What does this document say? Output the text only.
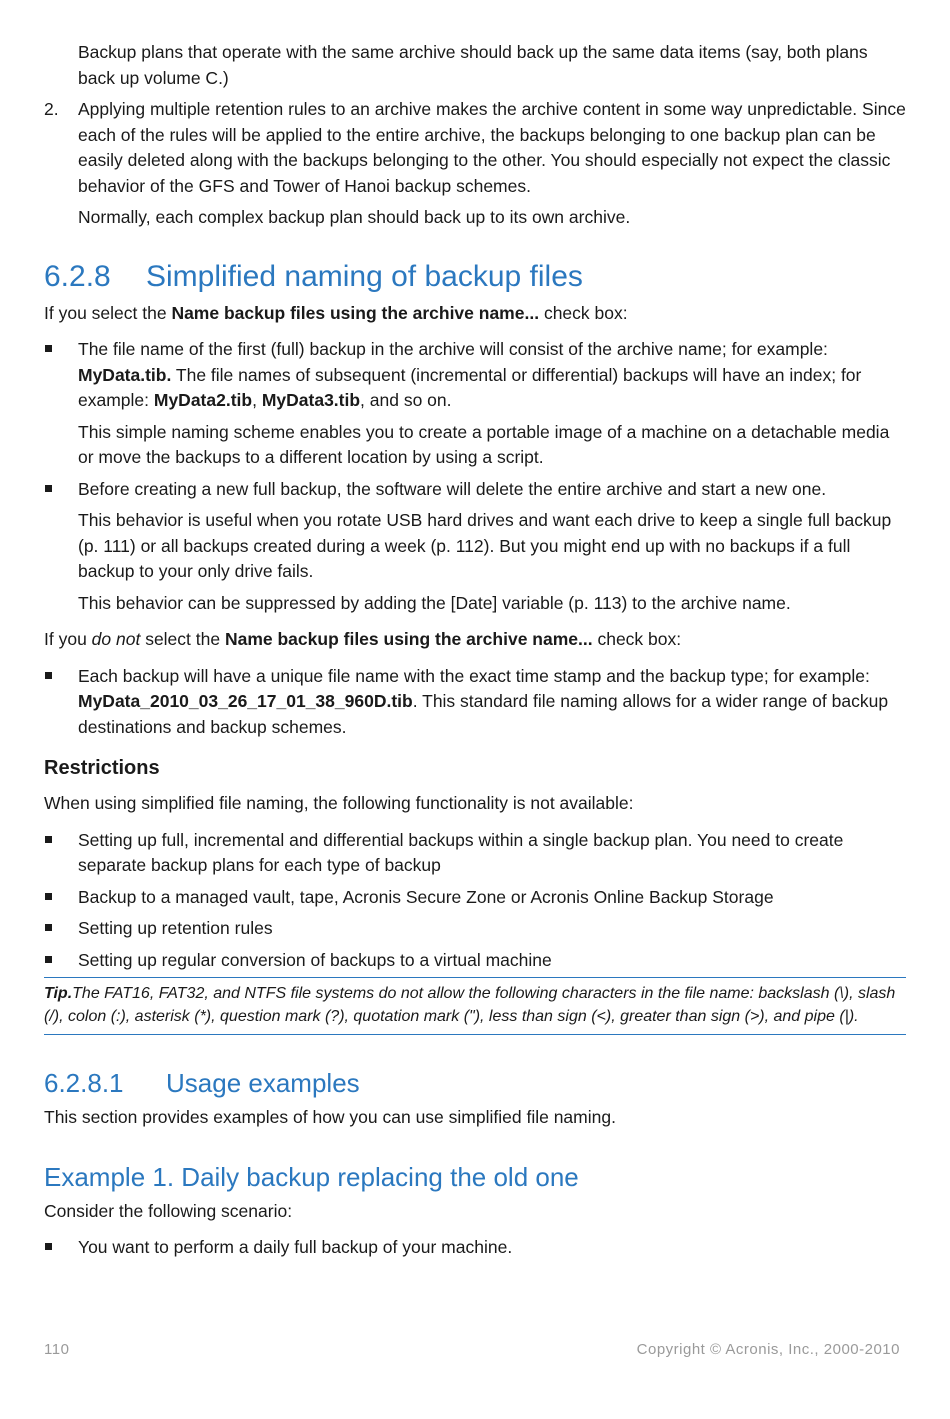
Backup plans that operate with the same archive should back up the same data items (say, both plans back up volume C.)

2. Applying multiple retention rules to an archive makes the archive content in some way unpredictable. Since each of the rules will be applied to the entire archive, the backups belonging to one backup plan can be easily deleted along with the backups belonging to the other. You should especially not expect the classic behavior of the GFS and Tower of Hanoi backup schemes.

Normally, each complex backup plan should back up to its own archive.

6.2.8 Simplified naming of backup files

If you select the Name backup files using the archive name... check box:

The file name of the first (full) backup in the archive will consist of the archive name; for example: MyData.tib. The file names of subsequent (incremental or differential) backups will have an index; for example: MyData2.tib, MyData3.tib, and so on.

This simple naming scheme enables you to create a portable image of a machine on a detachable media or move the backups to a different location by using a script.

Before creating a new full backup, the software will delete the entire archive and start a new one.

This behavior is useful when you rotate USB hard drives and want each drive to keep a single full backup (p. 111) or all backups created during a week (p. 112). But you might end up with no backups if a full backup to your only drive fails.

This behavior can be suppressed by adding the [Date] variable (p. 113) to the archive name.

If you do not select the Name backup files using the archive name... check box:

Each backup will have a unique file name with the exact time stamp and the backup type; for example: MyData_2010_03_26_17_01_38_960D.tib. This standard file naming allows for a wider range of backup destinations and backup schemes.

Restrictions

When using simplified file naming, the following functionality is not available:

Setting up full, incremental and differential backups within a single backup plan. You need to create separate backup plans for each type of backup

Backup to a managed vault, tape, Acronis Secure Zone or Acronis Online Backup Storage

Setting up retention rules

Setting up regular conversion of backups to a virtual machine

Tip.The FAT16, FAT32, and NTFS file systems do not allow the following characters in the file name: backslash (\), slash (/), colon (:), asterisk (*), question mark (?), quotation mark ("), less than sign (<), greater than sign (>), and pipe (|).

6.2.8.1 Usage examples

This section provides examples of how you can use simplified file naming.

Example 1. Daily backup replacing the old one

Consider the following scenario:

You want to perform a daily full backup of your machine.

110	Copyright © Acronis, Inc., 2000-2010
